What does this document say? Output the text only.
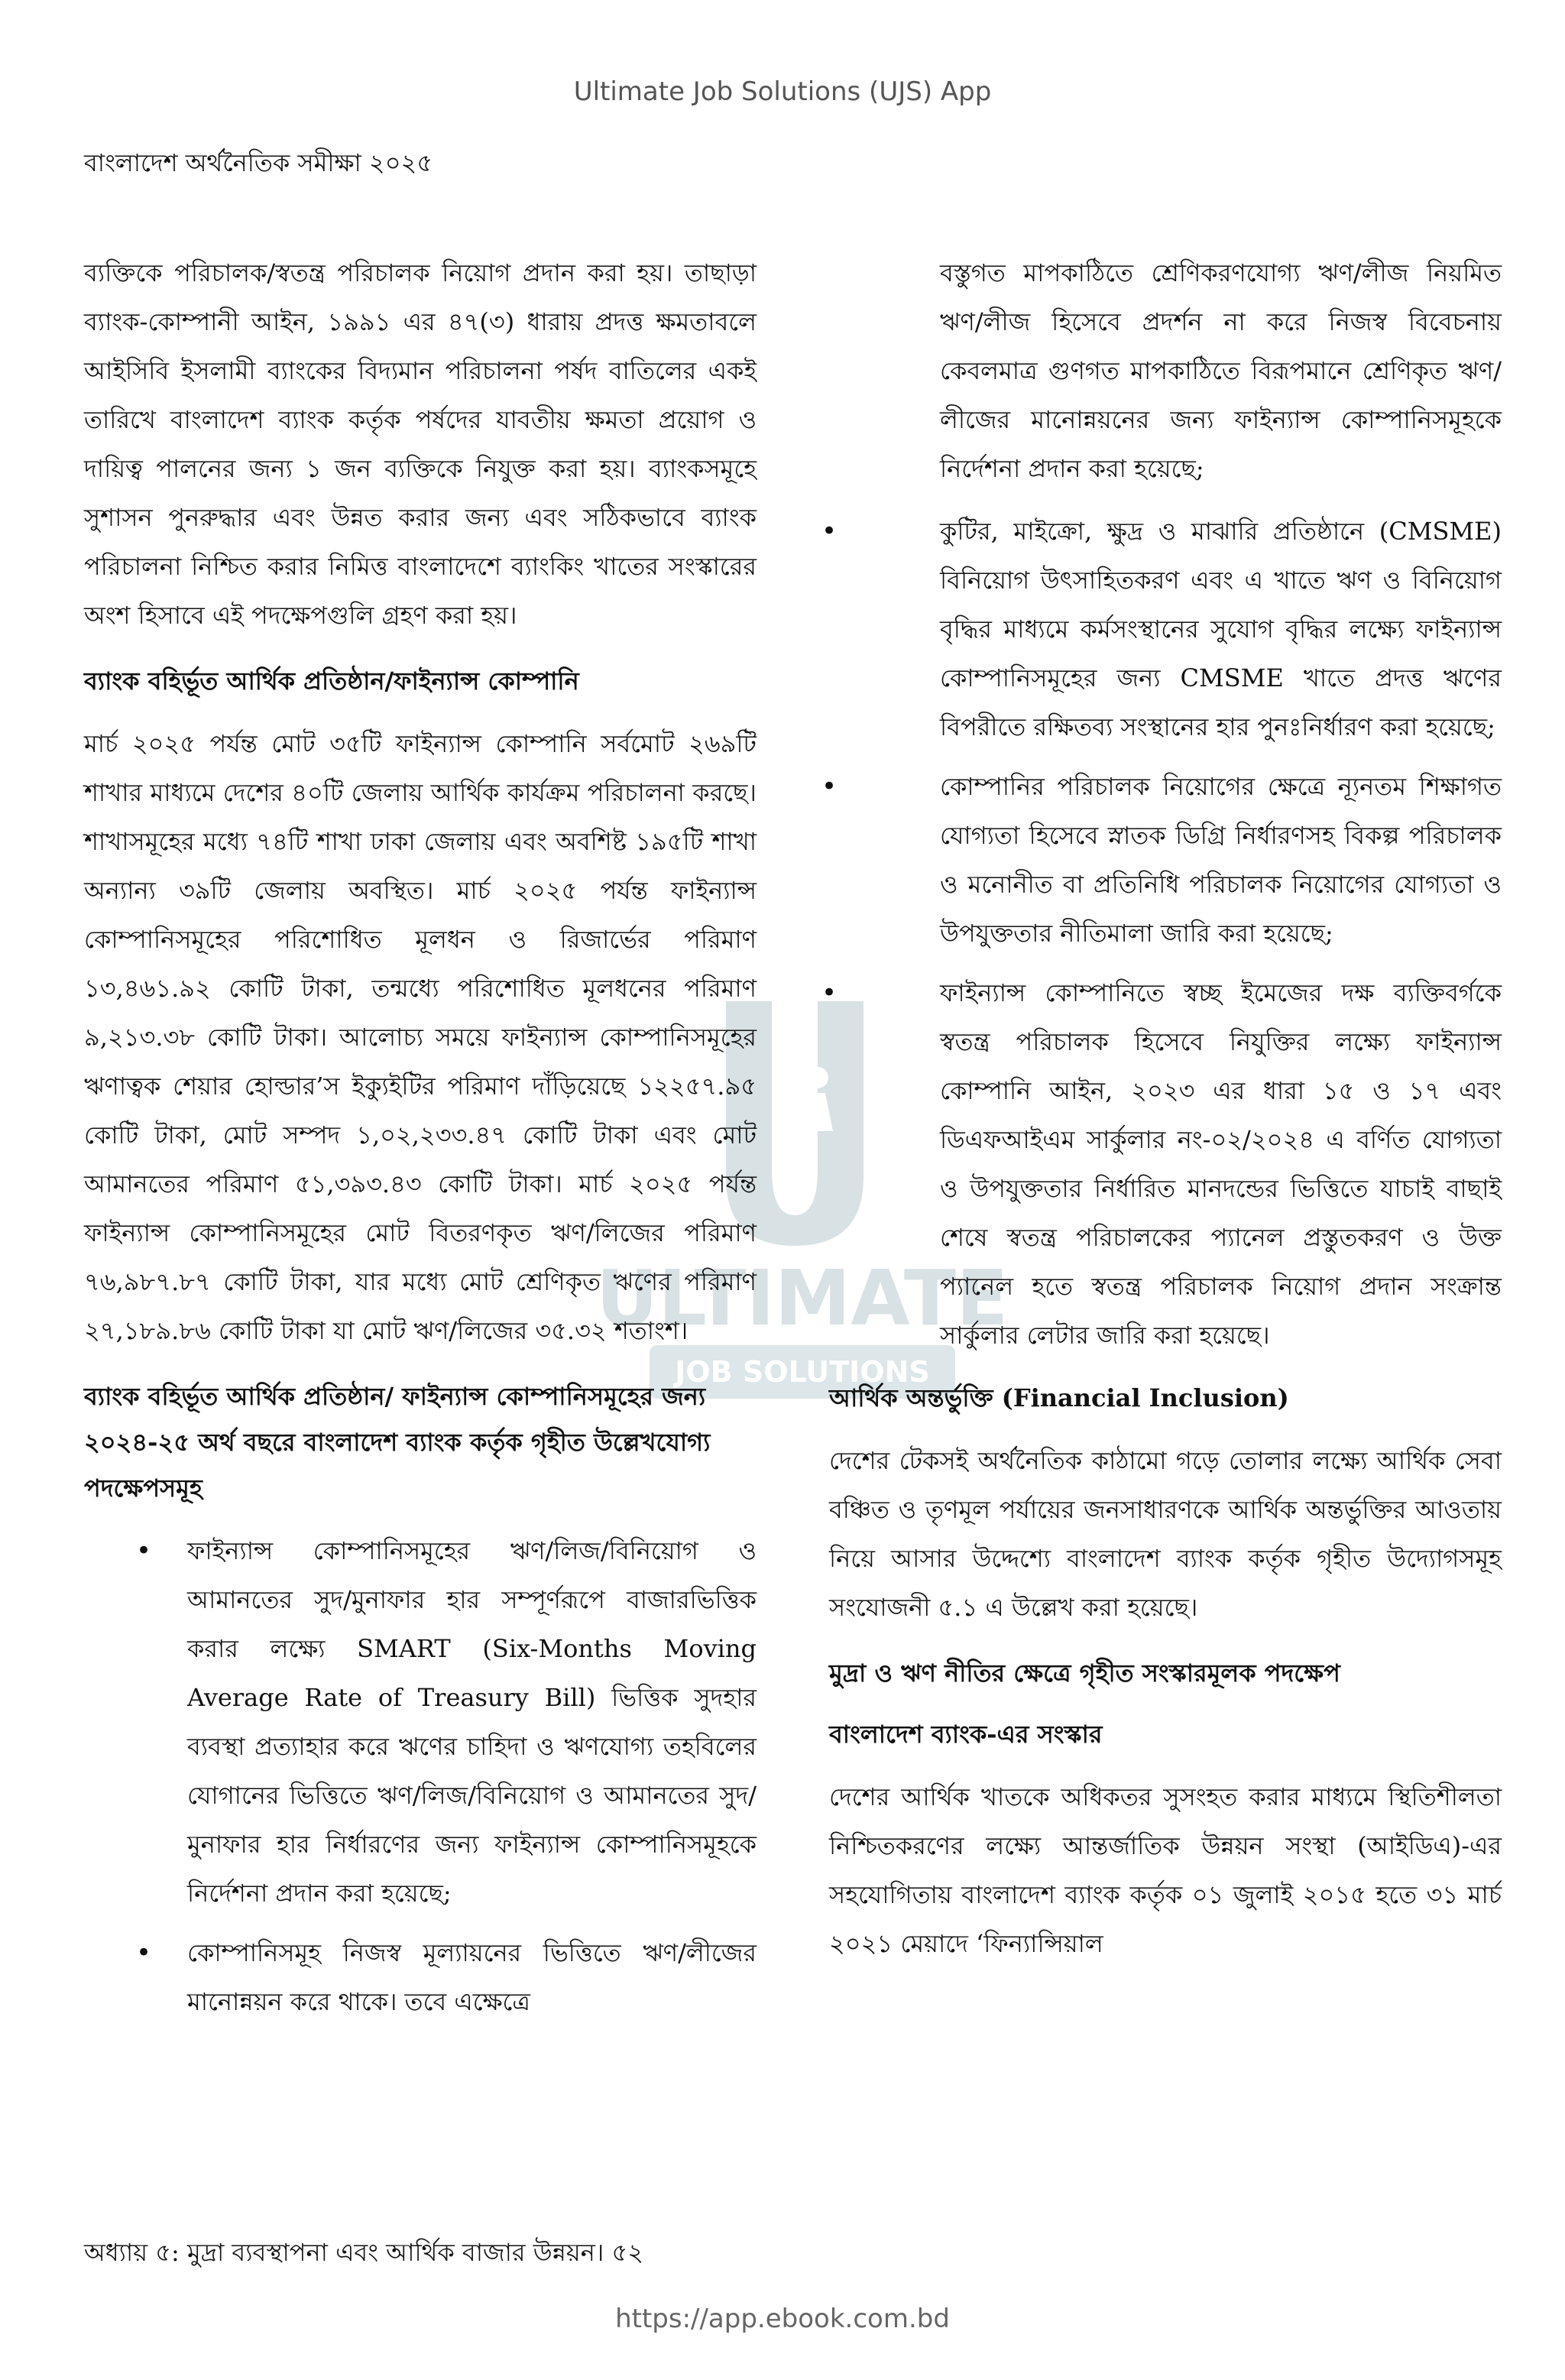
Ultimate Job Solutions (UJS) App
বাংলাদেশ অর্থনৈতিক সমীক্ষা ২০২৫
ULTIMATE
JOB SOLUTIONS

ব্যক্তিকে পরিচালক/স্বতন্ত্র পরিচালক নিয়োগ প্রদান করা হয়। তাছাড়া ব্যাংক-কোম্পানী আইন, ১৯৯১ এর ৪৭(৩) ধারায় প্রদত্ত ক্ষমতাবলে আইসিবি ইসলামী ব্যাংকের বিদ্যমান পরিচালনা পর্ষদ বাতিলের একই তারিখে বাংলাদেশ ব্যাংক কর্তৃক পর্ষদের যাবতীয় ক্ষমতা প্রয়োগ ও দায়িত্ব পালনের জন্য ১ জন ব্যক্তিকে নিযুক্ত করা হয়। ব্যাংকসমূহে সুশাসন পুনরুদ্ধার এবং উন্নত করার জন্য এবং সঠিকভাবে ব্যাংক পরিচালনা নিশ্চিত করার নিমিত্ত বাংলাদেশে ব্যাংকিং খাতের সংস্কারের অংশ হিসাবে এই পদক্ষেপগুলি গ্রহণ করা হয়।

ব্যাংক বহির্ভূত আর্থিক প্রতিষ্ঠান/ফাইন্যান্স কোম্পানি

মার্চ ২০২৫ পর্যন্ত মোট ৩৫টি ফাইন্যান্স কোম্পানি সর্বমোট ২৬৯টি শাখার মাধ্যমে দেশের ৪০টি জেলায় আর্থিক কার্যক্রম পরিচালনা করছে। শাখাসমূহের মধ্যে ৭৪টি শাখা ঢাকা জেলায় এবং অবশিষ্ট ১৯৫টি শাখা অন্যান্য ৩৯টি জেলায় অবস্থিত। মার্চ ২০২৫ পর্যন্ত ফাইন্যান্স কোম্পানিসমূহের পরিশোধিত মূলধন ও রিজার্ভের পরিমাণ ১৩,৪৬১.৯২ কোটি টাকা, তন্মধ্যে পরিশোধিত মূলধনের পরিমাণ ৯,২১৩.৩৮ কোটি টাকা। আলোচ্য সময়ে ফাইন্যান্স কোম্পানিসমূহের ঋণাত্বক শেয়ার হোল্ডার’স ইক্যুইটির পরিমাণ দাঁড়িয়েছে ১২২৫৭.৯৫ কোটি টাকা, মোট সম্পদ ১,০২,২৩৩.৪৭ কোটি টাকা এবং মোট আমানতের পরিমাণ ৫১,৩৯৩.৪৩ কোটি টাকা। মার্চ ২০২৫ পর্যন্ত ফাইন্যান্স কোম্পানিসমূহের মোট বিতরণকৃত ঋণ/লিজের পরিমাণ ৭৬,৯৮৭.৮৭ কোটি টাকা, যার মধ্যে মোট শ্রেণিকৃত ঋণের পরিমাণ ২৭,১৮৯.৮৬ কোটি টাকা যা মোট ঋণ/লিজের ৩৫.৩২ শতাংশ।

ব্যাংক বহির্ভূত আর্থিক প্রতিষ্ঠান/ ফাইন্যান্স কোম্পানিসমূহের জন্য ২০২৪-২৫ অর্থ বছরে বাংলাদেশ ব্যাংক কর্তৃক গৃহীত উল্লেখযোগ্য পদক্ষেপসমূহ
• ফাইন্যান্স কোম্পানিসমূহের ঋণ/লিজ/বিনিয়োগ ও আমানতের সুদ/মুনাফার হার সম্পূর্ণরূপে বাজারভিত্তিক করার লক্ষ্যে SMART (Six-Months Moving Average Rate of Treasury Bill) ভিত্তিক সুদহার ব্যবস্থা প্রত্যাহার করে ঋণের চাহিদা ও ঋণযোগ্য তহবিলের যোগানের ভিত্তিতে ঋণ/লিজ/বিনিয়োগ ও আমানতের সুদ/মুনাফার হার নির্ধারণের জন্য ফাইন্যান্স কোম্পানিসমূহকে নির্দেশনা প্রদান করা হয়েছে;
• কোম্পানিসমূহ নিজস্ব মূল্যায়নের ভিত্তিতে ঋণ/লীজের মানোন্নয়ন করে থাকে। তবে এক্ষেত্রে
বস্তুগত মাপকাঠিতে শ্রেণিকরণযোগ্য ঋণ/লীজ নিয়মিত ঋণ/লীজ হিসেবে প্রদর্শন না করে নিজস্ব বিবেচনায় কেবলমাত্র গুণগত মাপকাঠিতে বিরূপমানে শ্রেণিকৃত ঋণ/লীজের মানোন্নয়নের জন্য ফাইন্যান্স কোম্পানিসমূহকে নির্দেশনা প্রদান করা হয়েছে;
• কুটির, মাইক্রো, ক্ষুদ্র ও মাঝারি প্রতিষ্ঠানে (CMSME) বিনিয়োগ উৎসাহিতকরণ এবং এ খাতে ঋণ ও বিনিয়োগ বৃদ্ধির মাধ্যমে কর্মসংস্থানের সুযোগ বৃদ্ধির লক্ষ্যে ফাইন্যান্স কোম্পানিসমূহের জন্য CMSME খাতে প্রদত্ত ঋণের বিপরীতে রক্ষিতব্য সংস্থানের হার পুনঃনির্ধারণ করা হয়েছে;
• কোম্পানির পরিচালক নিয়োগের ক্ষেত্রে ন্যূনতম শিক্ষাগত যোগ্যতা হিসেবে স্নাতক ডিগ্রি নির্ধারণসহ বিকল্প পরিচালক ও মনোনীত বা প্রতিনিধি পরিচালক নিয়োগের যোগ্যতা ও উপযুক্ততার নীতিমালা জারি করা হয়েছে;
• ফাইন্যান্স কোম্পানিতে স্বচ্ছ ইমেজের দক্ষ ব্যক্তিবর্গকে স্বতন্ত্র পরিচালক হিসেবে নিযুক্তির লক্ষ্যে ফাইন্যান্স কোম্পানি আইন, ২০২৩ এর ধারা ১৫ ও ১৭ এবং ডিএফআইএম সার্কুলার নং-০২/২০২৪ এ বর্ণিত যোগ্যতা ও উপযুক্ততার নির্ধারিত মানদন্ডের ভিত্তিতে যাচাই বাছাই শেষে স্বতন্ত্র পরিচালকের প্যানেল প্রস্তুতকরণ ও উক্ত প্যানেল হতে স্বতন্ত্র পরিচালক নিয়োগ প্রদান সংক্রান্ত সার্কুলার লেটার জারি করা হয়েছে।
আর্থিক অন্তর্ভুক্তি (Financial Inclusion)

দেশের টেকসই অর্থনৈতিক কাঠামো গড়ে তোলার লক্ষ্যে আর্থিক সেবা বঞ্চিত ও তৃণমূল পর্যায়ের জনসাধারণকে আর্থিক অন্তর্ভুক্তির আওতায় নিয়ে আসার উদ্দেশ্যে বাংলাদেশ ব্যাংক কর্তৃক গৃহীত উদ্যোগসমূহ সংযোজনী ৫.১ এ উল্লেখ করা হয়েছে।

মুদ্রা ও ঋণ নীতির ক্ষেত্রে গৃহীত সংস্কারমূলক পদক্ষেপ
বাংলাদেশ ব্যাংক-এর সংস্কার

দেশের আর্থিক খাতকে অধিকতর সুসংহত করার মাধ্যমে স্থিতিশীলতা নিশ্চিতকরণের লক্ষ্যে আন্তর্জাতিক উন্নয়ন সংস্থা (আইডিএ)-এর সহযোগিতায় বাংলাদেশ ব্যাংক কর্তৃক ০১ জুলাই ২০১৫ হতে ৩১ মার্চ ২০২১ মেয়াদে ‘ফিন্যান্সিয়াল

অধ্যায় ৫: মুদ্রা ব্যবস্থাপনা এবং আর্থিক বাজার উন্নয়ন। ৫২
https://app.ebook.com.bd
